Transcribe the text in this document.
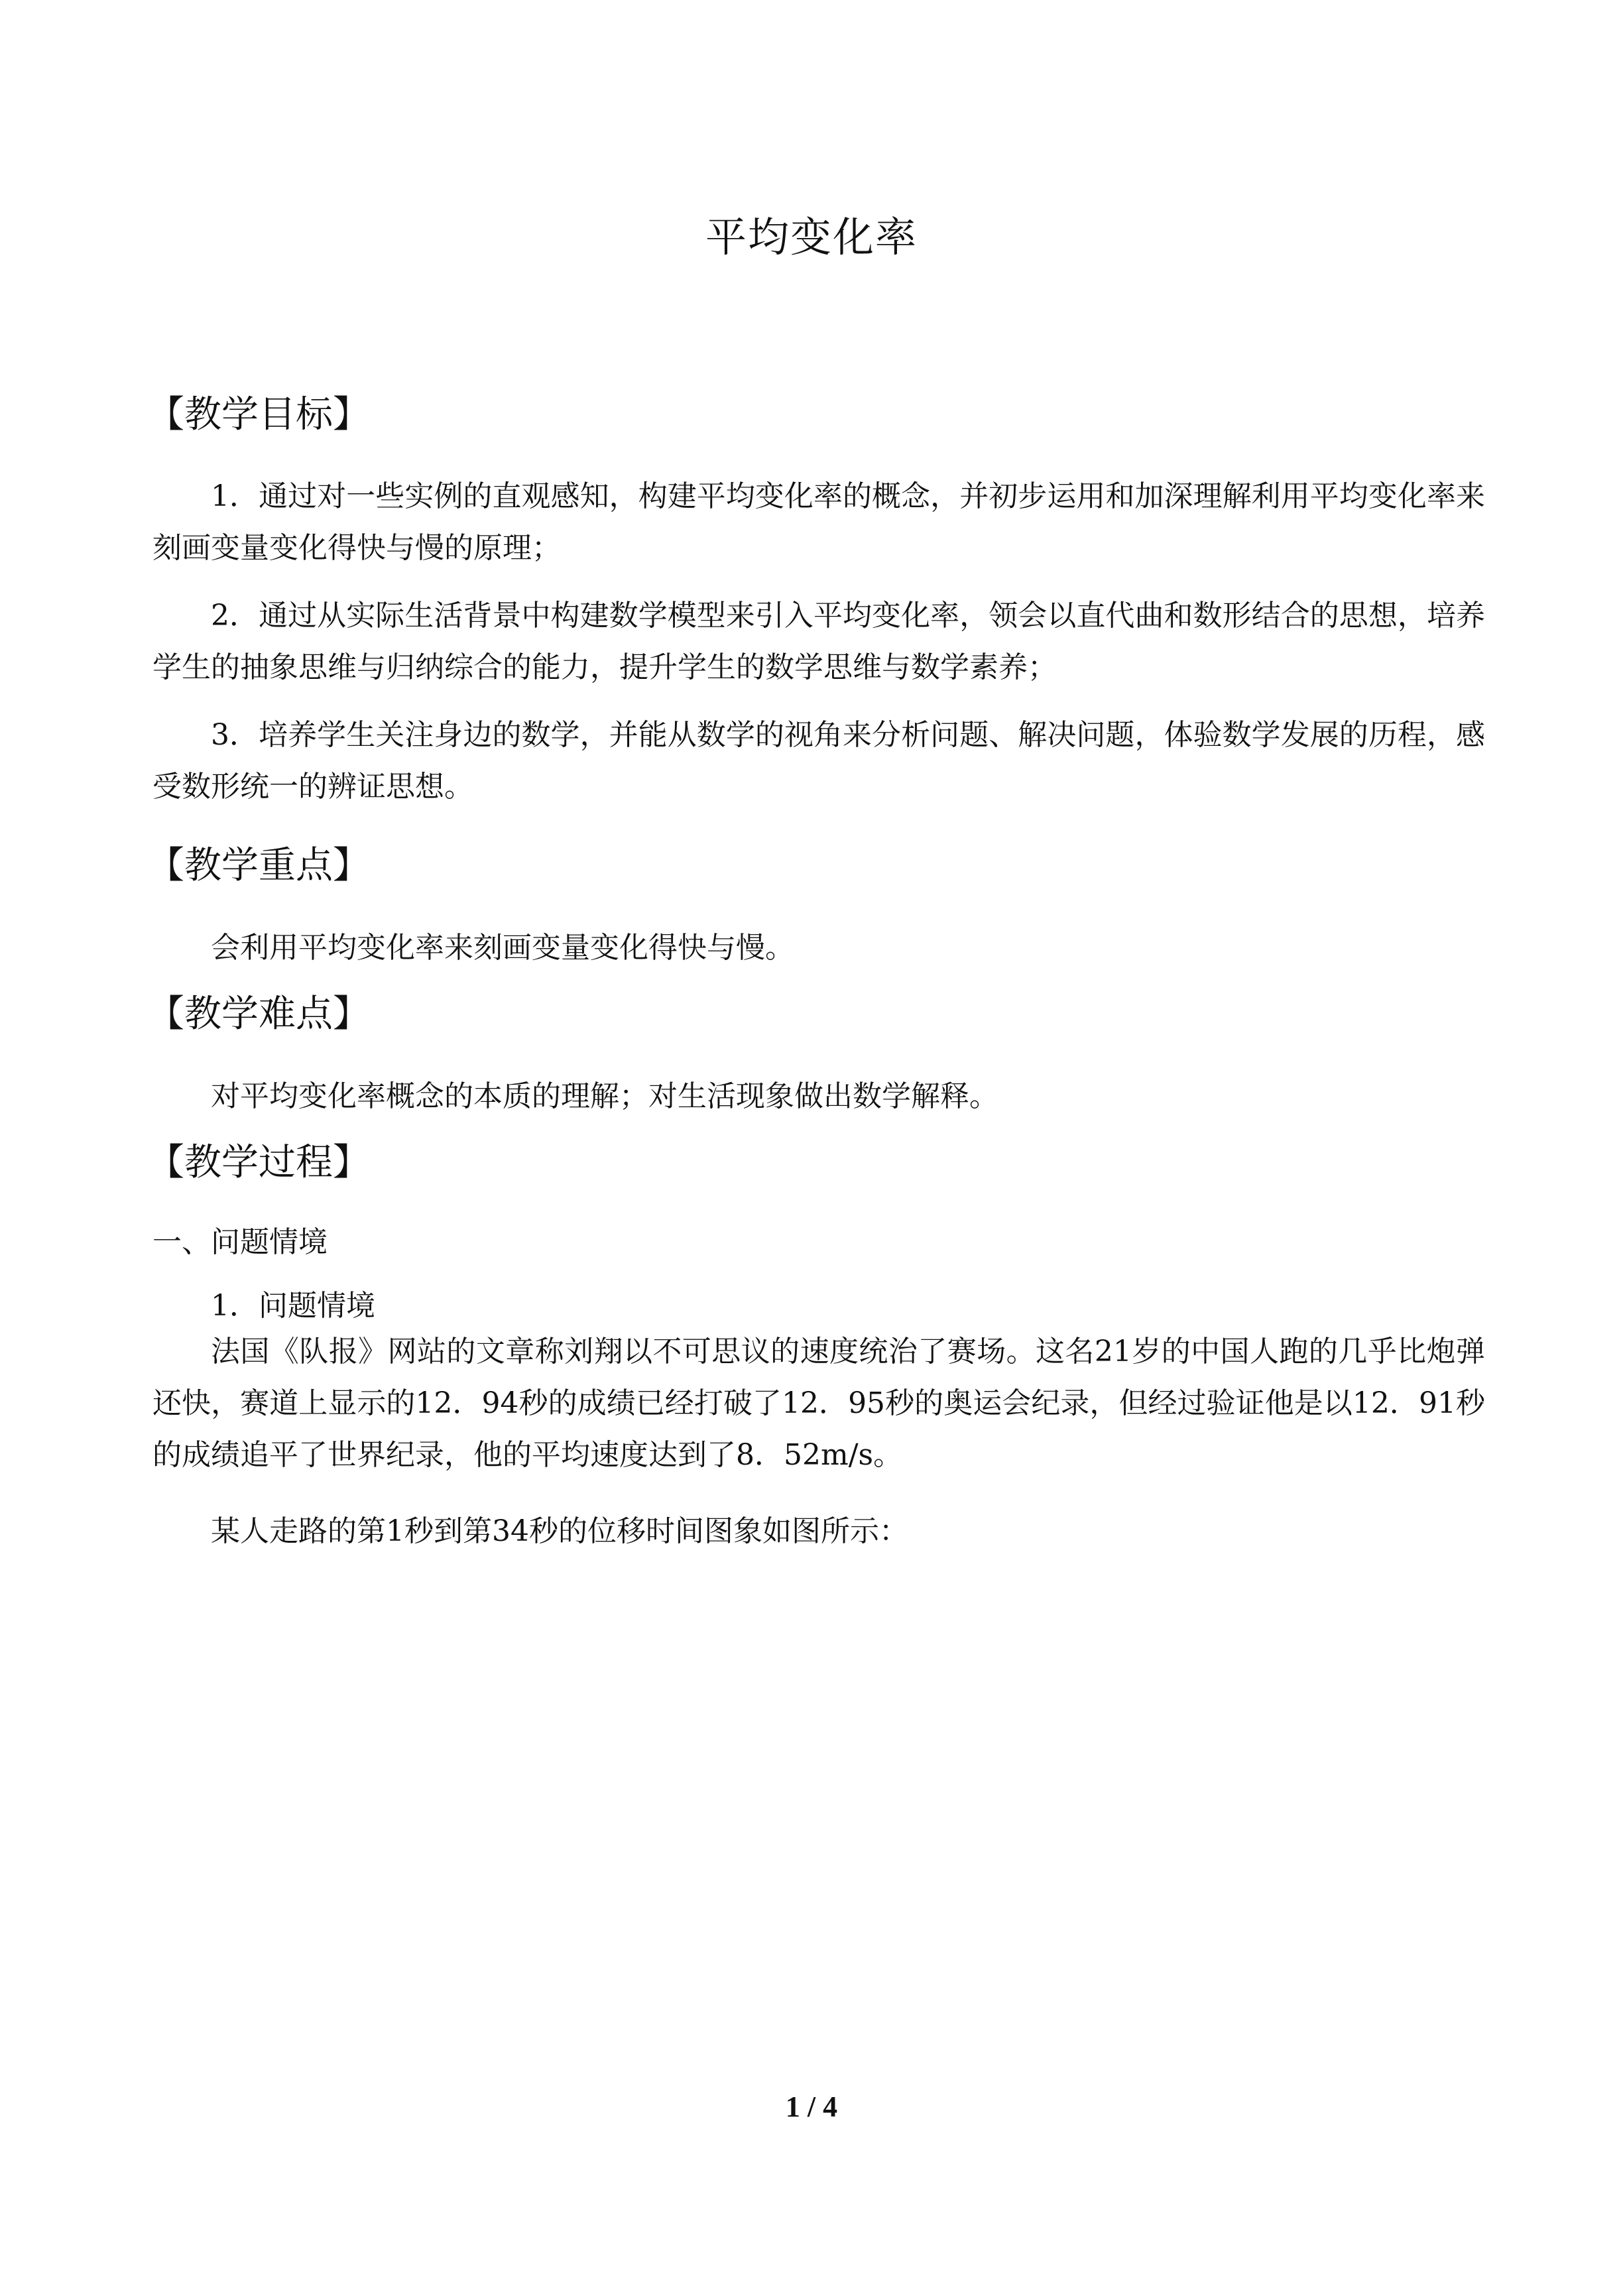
平均变化率
【教学目标】

1．通过对一些实例的直观感知，构建平均变化率的概念，并初步运用和加深理解利用平均变化率来刻画变量变化得快与慢的原理；

2．通过从实际生活背景中构建数学模型来引入平均变化率，领会以直代曲和数形结合的思想，培养学生的抽象思维与归纳综合的能力，提升学生的数学思维与数学素养；

3．培养学生关注身边的数学，并能从数学的视角来分析问题、解决问题，体验数学发展的历程，感受数形统一的辨证思想。

【教学重点】
会利用平均变化率来刻画变量变化得快与慢。
【教学难点】
对平均变化率概念的本质的理解；对生活现象做出数学解释。
【教学过程】
一、问题情境
1．问题情境

法国《队报》网站的文章称刘翔以不可思议的速度统治了赛场。这名21岁的中国人跑的几乎比炮弹还快，赛道上显示的12．94秒的成绩已经打破了12．95秒的奥运会纪录，但经过验证他是以12．91秒的成绩追平了世界纪录，他的平均速度达到了8．52m/s。

某人走路的第1秒到第34秒的位移时间图象如图所示：
1 / 4
